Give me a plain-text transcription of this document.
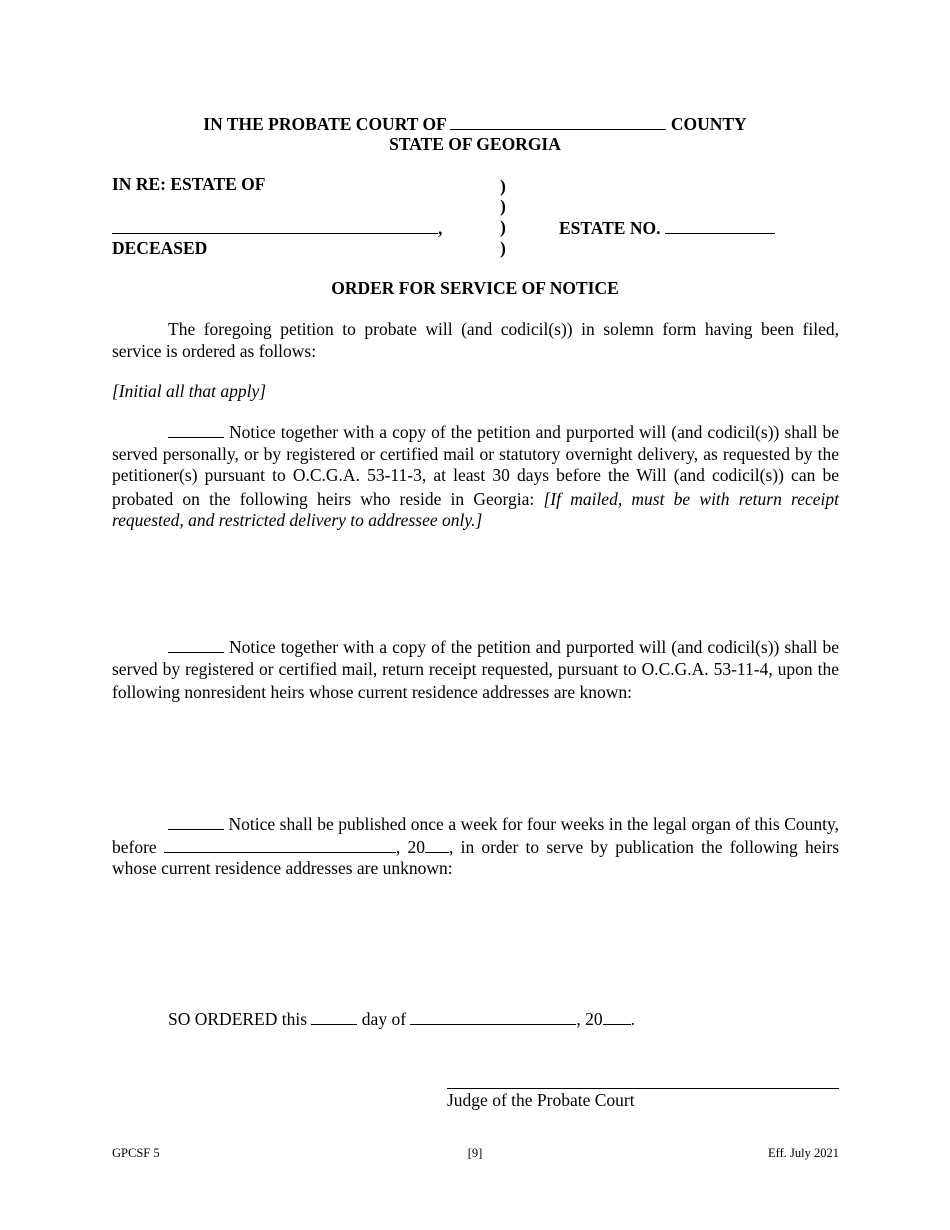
IN THE PROBATE COURT OF	COUNTY
STATE OF GEORGIA
IN RE: ESTATE OF	)
)
)
)
,	ESTATE NO.
DECEASED
ORDER FOR SERVICE OF NOTICE

The foregoing petition to probate will (and codicil(s)) in solemn form having been filed, service is ordered as follows:

[Initial all that apply]

Notice together with a copy of the petition and purported will (and codicil(s)) shall be served personally, or by registered or certified mail or statutory overnight delivery, as requested by the petitioner(s) pursuant to O.C.G.A. 53-11-3, at least 30 days before the Will (and codicil(s)) can be probated on the following heirs who reside in Georgia: [If mailed, must be with return receipt requested, and restricted delivery to addressee only.]

Notice together with a copy of the petition and purported will (and codicil(s)) shall be served by registered or certified mail, return receipt requested, pursuant to O.C.G.A. 53-11-4, upon the following nonresident heirs whose current residence addresses are known:

Notice shall be published once a week for four weeks in the legal organ of this County, before	, 20 , in order to serve by publication the following heirs whose current residence addresses are unknown:

SO ORDERED this	day of	, 20 .
Judge of the Probate Court
GPCSF 5	[9]	Eff. July 2021
